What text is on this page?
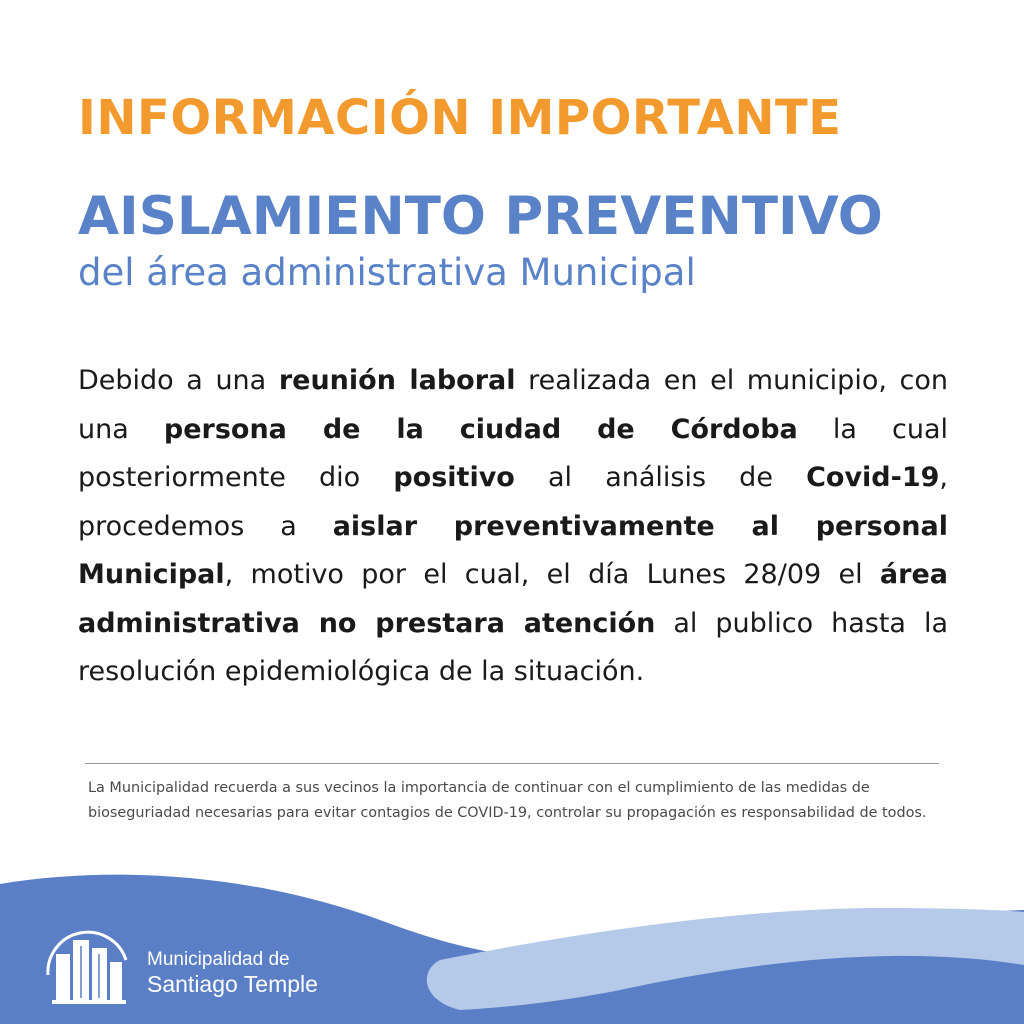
INFORMACIÓN IMPORTANTE
AISLAMIENTO PREVENTIVO
del área administrativa Municipal
Debido a una reunión laboral realizada en el municipio, con una persona de la ciudad de Córdoba la cual posteriormente dio positivo al análisis de Covid-19, procedemos a aislar preventivamente al personal Municipal, motivo por el cual, el día Lunes 28/09 el área administrativa no prestara atención al publico hasta la resolución epidemiológica de la situación.
La Municipalidad recuerda a sus vecinos la importancia de continuar con el cumplimiento de las medidas de bioseguriadad necesarias para evitar contagios de COVID-19, controlar su propagación es responsabilidad de todos.
Municipalidad de
Santiago Temple
